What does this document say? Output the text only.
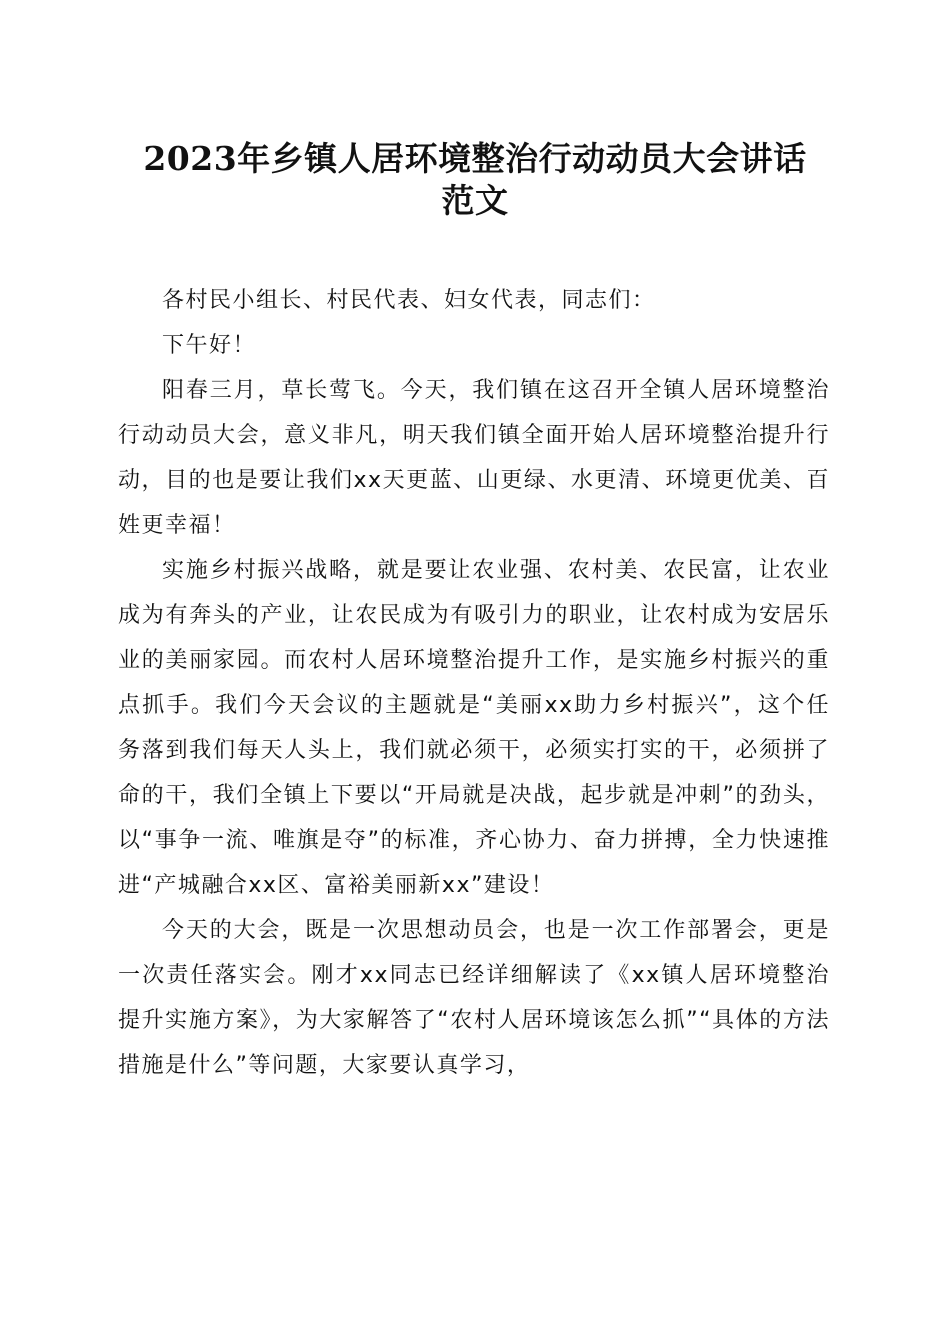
2023年乡镇人居环境整治行动动员大会讲话
范文

各村民小组长、村民代表、妇女代表，同志们：

下午好！

阳春三月，草长莺飞。今天，我们镇在这召开全镇人居环境整治行动动员大会，意义非凡，明天我们镇全面开始人居环境整治提升行动，目的也是要让我们xx天更蓝、山更绿、水更清、环境更优美、百姓更幸福！

实施乡村振兴战略，就是要让农业强、农村美、农民富，让农业成为有奔头的产业，让农民成为有吸引力的职业，让农村成为安居乐业的美丽家园。而农村人居环境整治提升工作，是实施乡村振兴的重点抓手。我们今天会议的主题就是“美丽xx助力乡村振兴”，这个任务落到我们每天人头上，我们就必须干，必须实打实的干，必须拼了命的干，我们全镇上下要以“开局就是决战，起步就是冲刺”的劲头，以“事争一流、唯旗是夺”的标准，齐心协力、奋力拼搏，全力快速推进“产城融合xx区、富裕美丽新xx”建设！

今天的大会，既是一次思想动员会，也是一次工作部署会，更是一次责任落实会。刚才xx同志已经详细解读了《xx镇人居环境整治提升实施方案》，为大家解答了“农村人居环境该怎么抓”“具体的方法措施是什么”等问题，大家要认真学习，
